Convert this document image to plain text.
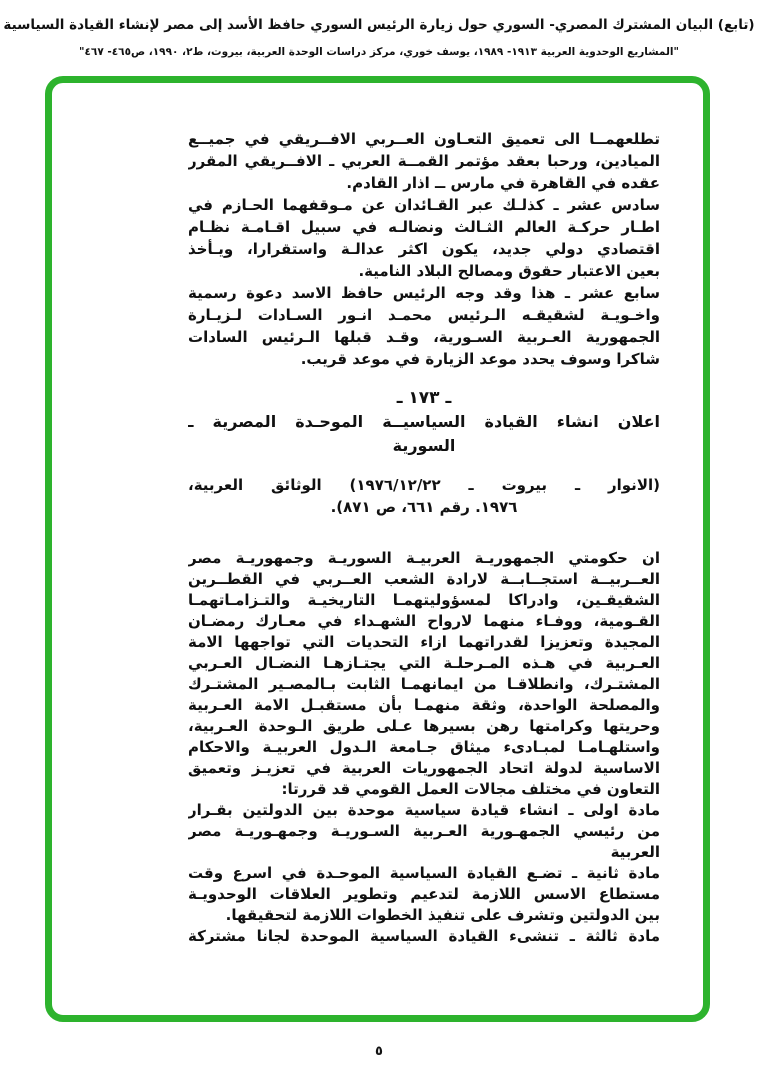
(تابع) البيان المشترك المصري- السوري حول زيارة الرئيس السوري حافظ الأسد إلى مصر لإنشاء القيادة السياسية
"المشاريع الوحدوية العربية ١٩١٣- ١٩٨٩، يوسف خوري، مركز دراسات الوحدة العربية، بيروت، ط٢، ١٩٩٠، ص٤٦٥- ٤٦٧"
تطلعهمــا الى تعميق التعـاون العــربي الافــريقي في جميــع
الميادين، ورحبا بعقد مؤتمر القمــة العربي ـ الافــريقي المقرر
عقده في القاهرة في مارس ــ اذار القادم.
سادس عشر ـ كذلـك عبر القـائدان عن مـوقفهما الحـازم في
اطـار حركـة العالم الثـالث ونضالـه في سبيل اقـامـة نظـام
اقتصادي دولي جديد، يكون اكثر عدالـة واستقرارا، ويـأخذ
بعين الاعتبار حقوق ومصالح البلاد النامية.
سابع عشر ـ هذا وقد وجه الرئيس حافظ الاسد دعوة رسمية
واخـويـة لشقيقـه الـرئيس محمـد انـور السـادات لـزيـارة
الجمهورية العـربية السـورية، وقـد قبلها الـرئيس السادات
شاكرا وسوف يحدد موعد الزيارة في موعد قريب.
ـ ١٧٣ ـ
اعلان انشاء القيادة السياسيــة الموحـدة المصرية ـ
السورية
(الانوار ـ بيروت ـ ١٩٧٦/١٢/٢٢) الوثائق العربية،
١٩٧٦. رقم ٦٦١، ص ٨٧١).
ان حكومتي الجمهوريـة العربيـة السوريـة وجمهوريـة مصر
العــربيــة استجــابــة لارادة الشعب العــربي في القطــرين
الشقيقـين، وادراكا لمسؤوليتهمـا التاريخيـة والتـزامـاتهمـا
القـومية، ووفـاء منهما لارواح الشهـداء في معـارك رمضـان
المجيدة وتعزيزا لقدراتهما ازاء التحديات التي تواجهها الامة
العـربية في هـذه المـرحلـة التي يجتـازهـا النضـال العـربي
المشتـرك، وانطلاقـا من ايمانهمـا الثابت بـالمصـير المشتـرك
والمصلحة الواحدة، وثقة منهمـا بأن مستقبـل الامة العـربية
وحريتها وكرامتها رهن بسيرها عـلى طريق الـوحدة العـربية،
واستلهـامـا لمبـادىء ميثاق جـامعة الـدول العربيـة والاحكام
الاساسية لدولة اتحاد الجمهوريات العربية في تعزيـز وتعميق
التعاون في مختلف مجالات العمل القومي قد قررتا:
مادة اولى ـ انشاء قيادة سياسية موحدة بين الدولتين بقـرار
من رئيسي الجمهـورية العـربية السـوريـة وجمهـوريـة مصر
العربية
مادة ثانية ـ تضـع القيادة السياسية الموحـدة في اسرع وقت
مستطاع الاسس اللازمة لتدعيم وتطوير العلاقات الوحدويـة
بين الدولتين وتشرف على تنفيذ الخطوات اللازمة لتحقيقها.
مادة ثالثة ـ تنشىء القيادة السياسية الموحدة لجانا مشتركة
٥
